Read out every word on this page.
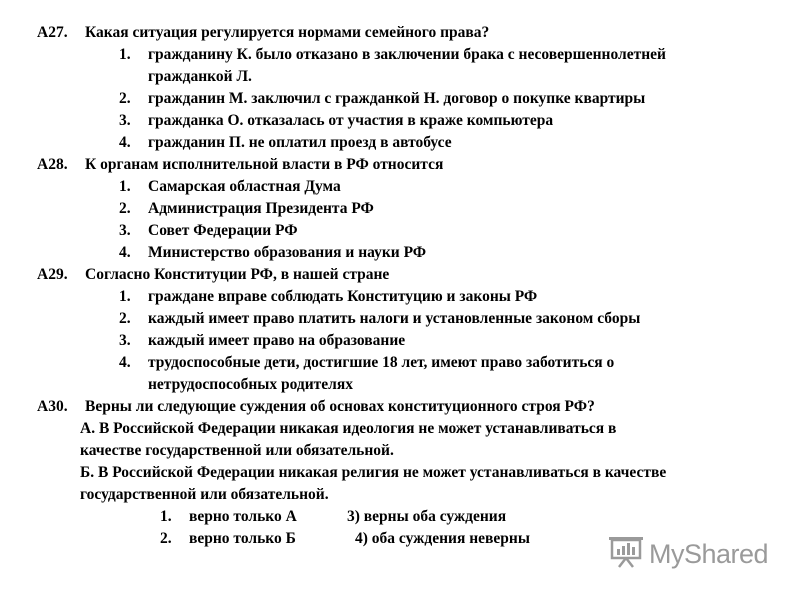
А27. Какая ситуация регулируется нормами семейного права?
1. гражданину К. было отказано в заключении брака с несовершеннолетней
гражданкой Л.
2. гражданин М. заключил с гражданкой Н. договор о покупке квартиры
3. гражданка О. отказалась от участия в краже компьютера
4. гражданин П. не оплатил проезд в автобусе
А28. К органам исполнительной власти в РФ относится
1. Самарская областная Дума
2. Администрация Президента РФ
3. Совет Федерации РФ
4. Министерство образования и науки РФ
А29. Согласно Конституции РФ, в нашей стране
1. граждане вправе соблюдать Конституцию и законы РФ
2. каждый имеет право платить налоги и установленные законом сборы
3. каждый имеет право на образование
4. трудоспособные дети, достигшие 18 лет, имеют право заботиться о
нетрудоспособных родителях
А30. Верны ли следующие суждения об основах конституционного строя РФ?
А. В Российской Федерации никакая идеология не может устанавливаться в
качестве государственной или обязательной.
Б. В Российской Федерации никакая религия не может устанавливаться в качестве
государственной или обязательной.
1. верно только А	3) верны оба суждения
2. верно только Б	4) оба суждения неверны	MyShared
